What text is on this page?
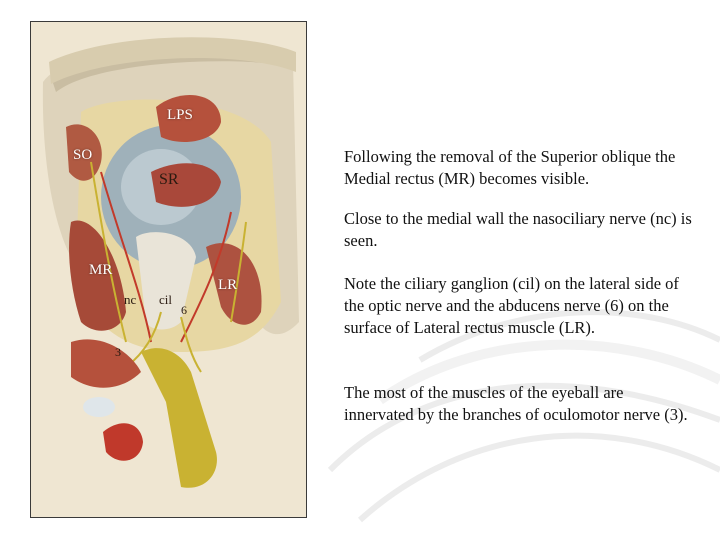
LPS
SO
SR
MR
nc cil
6
LR
3

Following the removal of the Superior oblique the Medial rectus (MR) becomes visible.

Close to the medial wall the nasociliary nerve (nc) is seen.

Note the ciliary ganglion (cil) on the lateral side of the optic nerve and the abducens nerve (6) on the surface of Lateral rectus muscle (LR).

The most of the muscles of the eyeball are innervated by the branches of oculomotor nerve (3).
